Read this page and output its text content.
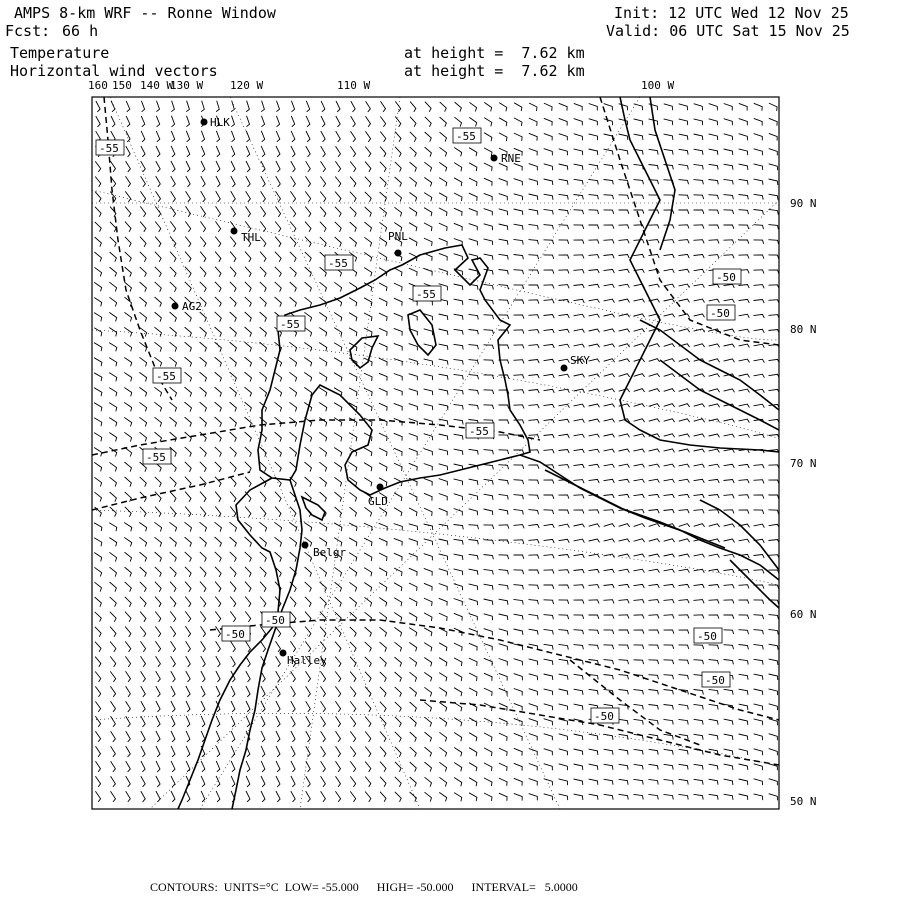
AMPS 8-km WRF -- Ronne Window
Fcst: 66 h
Init: 12 UTC Wed 12 Nov 25
Valid: 06 UTC Sat 15 Nov 25
Temperature	at height =  7.62 km
Horizontal wind vectors	at height =  7.62 km
160 150 140 W
130 W 120 W	110 W	100 W
90 N
80 N
70 N
60 N
50 N
HLK
RNE
THL	PNL
AG2
SKY
GLD
Belgr
Halley
-55
-55
-55
-55
-55
-55
-55
-55
-50
-50
-50
-50
-50
-50
-50
CONTOURS:  UNITS=°C  LOW= -55.000      HIGH= -50.000      INTERVAL=   5.0000
